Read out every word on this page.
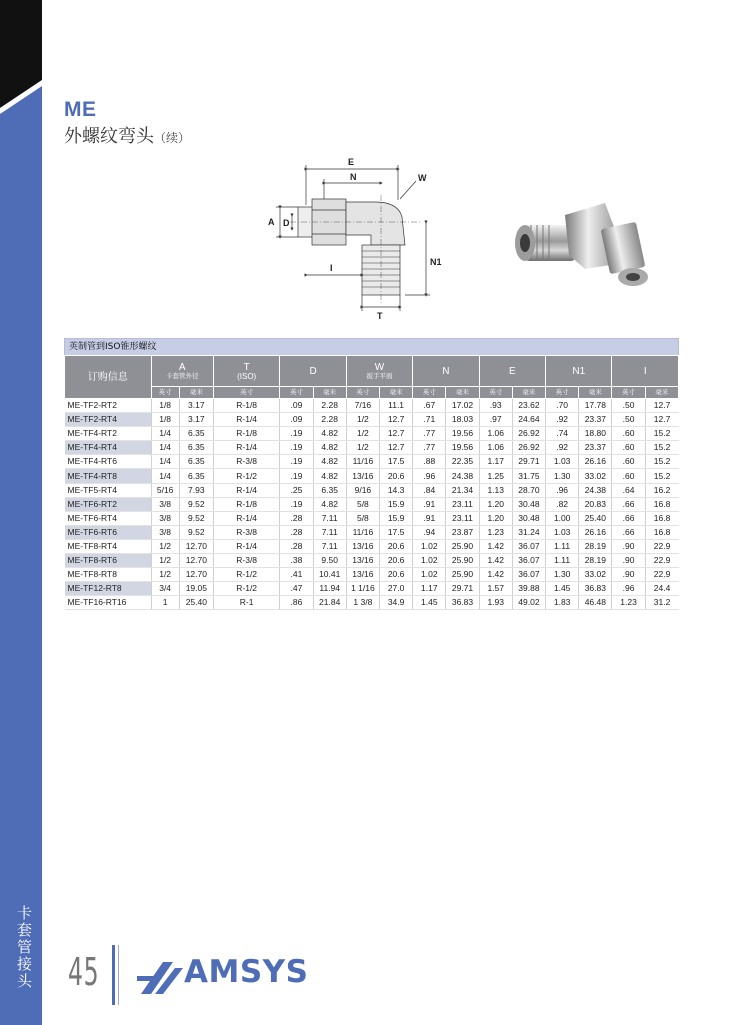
卡套管接头
ME
外螺纹弯头（续）
E
N	W
A D
I
N1
T
英制管到ISO锥形螺纹
订购信息	A
卡套管外径		T
(ISO)	D		W
扳手平面		N		E		N1		I	
	英寸	毫米	英寸	英寸	毫米	英寸	毫米	英寸	毫米	英寸	毫米	英寸	毫米	英寸	毫米
ME-TF2-RT2	1/8	3.17	R-1/8	.09	2.28	7/16	11.1	.67	17.02	.93	23.62	.70	17.78	.50	12.7
ME-TF2-RT4	1/8	3.17	R-1/4	.09	2.28	1/2	12.7	.71	18.03	.97	24.64	.92	23.37	.50	12.7
ME-TF4-RT2	1/4	6.35	R-1/8	.19	4.82	1/2	12.7	.77	19.56	1.06	26.92	.74	18.80	.60	15.2
ME-TF4-RT4	1/4	6.35	R-1/4	.19	4.82	1/2	12.7	.77	19.56	1.06	26.92	.92	23.37	.60	15.2
ME-TF4-RT6	1/4	6.35	R-3/8	.19	4.82	11/16	17.5	.88	22.35	1.17	29.71	1.03	26.16	.60	15.2
ME-TF4-RT8	1/4	6.35	R-1/2	.19	4.82	13/16	20.6	.96	24.38	1.25	31.75	1.30	33.02	.60	15.2
ME-TF5-RT4	5/16	7.93	R-1/4	.25	6.35	9/16	14.3	.84	21.34	1.13	28.70	.96	24.38	.64	16.2
ME-TF6-RT2	3/8	9.52	R-1/8	.19	4.82	5/8	15.9	.91	23.11	1.20	30.48	.82	20.83	.66	16.8
ME-TF6-RT4	3/8	9.52	R-1/4	.28	7.11	5/8	15.9	.91	23.11	1.20	30.48	1.00	25.40	.66	16.8
ME-TF6-RT6	3/8	9.52	R-3/8	.28	7.11	11/16	17.5	.94	23.87	1.23	31.24	1.03	26.16	.66	16.8
ME-TF8-RT4	1/2	12.70	R-1/4	.28	7.11	13/16	20.6	1.02	25.90	1.42	36.07	1.11	28.19	.90	22.9
ME-TF8-RT6	1/2	12.70	R-3/8	.38	9.50	13/16	20.6	1.02	25.90	1.42	36.07	1.11	28.19	.90	22.9
ME-TF8-RT8	1/2	12.70	R-1/2	.41	10.41	13/16	20.6	1.02	25.90	1.42	36.07	1.30	33.02	.90	22.9
ME-TF12-RT8	3/4	19.05	R-1/2	.47	11.94	1 1/16	27.0	1.17	29.71	1.57	39.88	1.45	36.83	.96	24.4
ME-TF16-RT16	1	25.40	R-1	.86	21.84	1 3/8	34.9	1.45	36.83	1.93	49.02	1.83	46.48	1.23	31.2
45	AMSYS
